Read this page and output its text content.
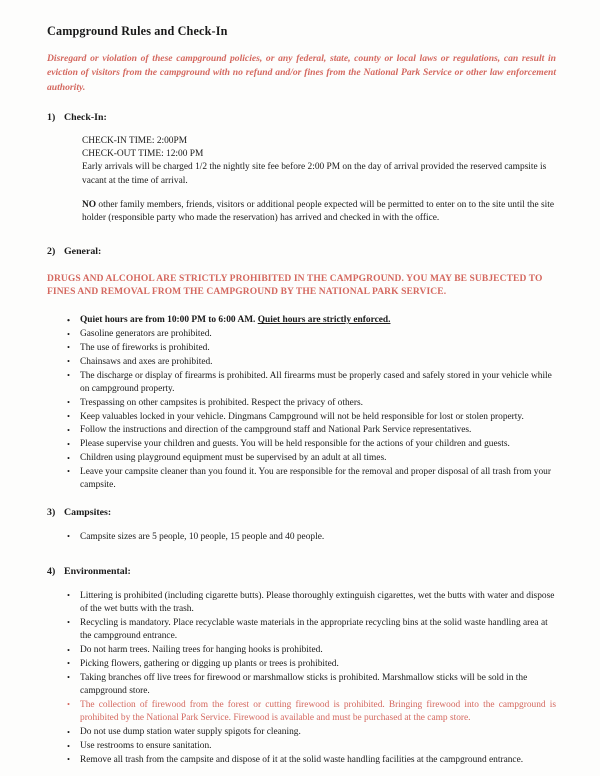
Campground Rules and Check-In

Disregard or violation of these campground policies, or any federal, state, county or local laws or regulations, can result in eviction of visitors from the campground with no refund and/or fines from the National Park Service or other law enforcement authority.

1) Check-In:

CHECK-IN TIME: 2:00PM

CHECK-OUT TIME: 12:00 PM

Early arrivals will be charged 1/2 the nightly site fee before 2:00 PM on the day of arrival provided the reserved campsite is vacant at the time of arrival.

NO other family members, friends, visitors or additional people expected will be permitted to enter on to the site until the site holder (responsible party who made the reservation) has arrived and checked in with the office.

2) General:

DRUGS AND ALCOHOL ARE STRICTLY PROHIBITED IN THE CAMPGROUND. YOU MAY BE SUBJECTED TO FINES AND REMOVAL FROM THE CAMPGROUND BY THE NATIONAL PARK SERVICE.

• Quiet hours are from 10:00 PM to 6:00 AM. Quiet hours are strictly enforced.
• Gasoline generators are prohibited.
• The use of fireworks is prohibited.
• Chainsaws and axes are prohibited.
• The discharge or display of firearms is prohibited. All firearms must be properly cased and safely stored in your vehicle while on campground property.
• Trespassing on other campsites is prohibited. Respect the privacy of others.
• Keep valuables locked in your vehicle. Dingmans Campground will not be held responsible for lost or stolen property.
• Follow the instructions and direction of the campground staff and National Park Service representatives.
• Please supervise your children and guests. You will be held responsible for the actions of your children and guests.
• Children using playground equipment must be supervised by an adult at all times.
• Leave your campsite cleaner than you found it. You are responsible for the removal and proper disposal of all trash from your campsite.
3) Campsites:
• Campsite sizes are 5 people, 10 people, 15 people and 40 people.
4) Environmental:
• Littering is prohibited (including cigarette butts). Please thoroughly extinguish cigarettes, wet the butts with water and dispose of the wet butts with the trash.
• Recycling is mandatory. Place recyclable waste materials in the appropriate recycling bins at the solid waste handling area at the campground entrance.
• Do not harm trees. Nailing trees for hanging hooks is prohibited.
• Picking flowers, gathering or digging up plants or trees is prohibited.
• Taking branches off live trees for firewood or marshmallow sticks is prohibited. Marshmallow sticks will be sold in the campground store.
• The collection of firewood from the forest or cutting firewood is prohibited. Bringing firewood into the campground is prohibited by the National Park Service. Firewood is available and must be purchased at the camp store.
• Do not use dump station water supply spigots for cleaning.
• Use restrooms to ensure sanitation.
• Remove all trash from the campsite and dispose of it at the solid waste handling facilities at the campground entrance.
